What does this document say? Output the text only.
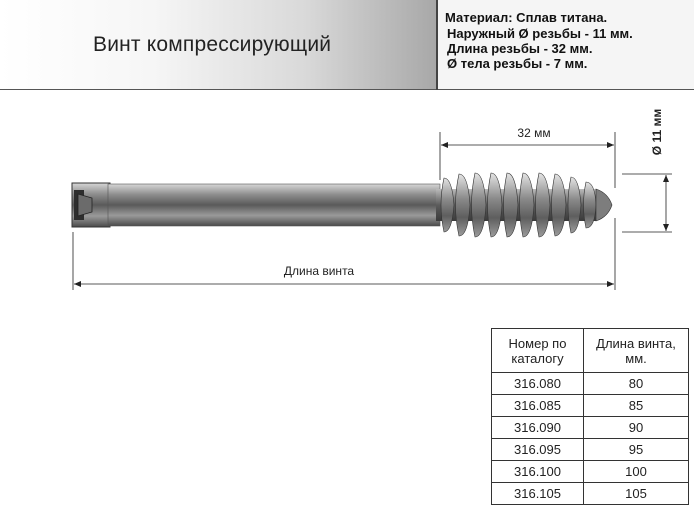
Винт компрессирующий
Материал: Сплав титана.
Наружный Ø резьбы - 11 мм.
Длина резьбы - 32 мм.
Ø тела резьбы - 7 мм.
32 мм
Длина винта
Ø 11 мм
Номер по каталогу	Длина винта, мм.
316.080	80
316.085	85
316.090	90
316.095	95
316.100	100
316.105	105
